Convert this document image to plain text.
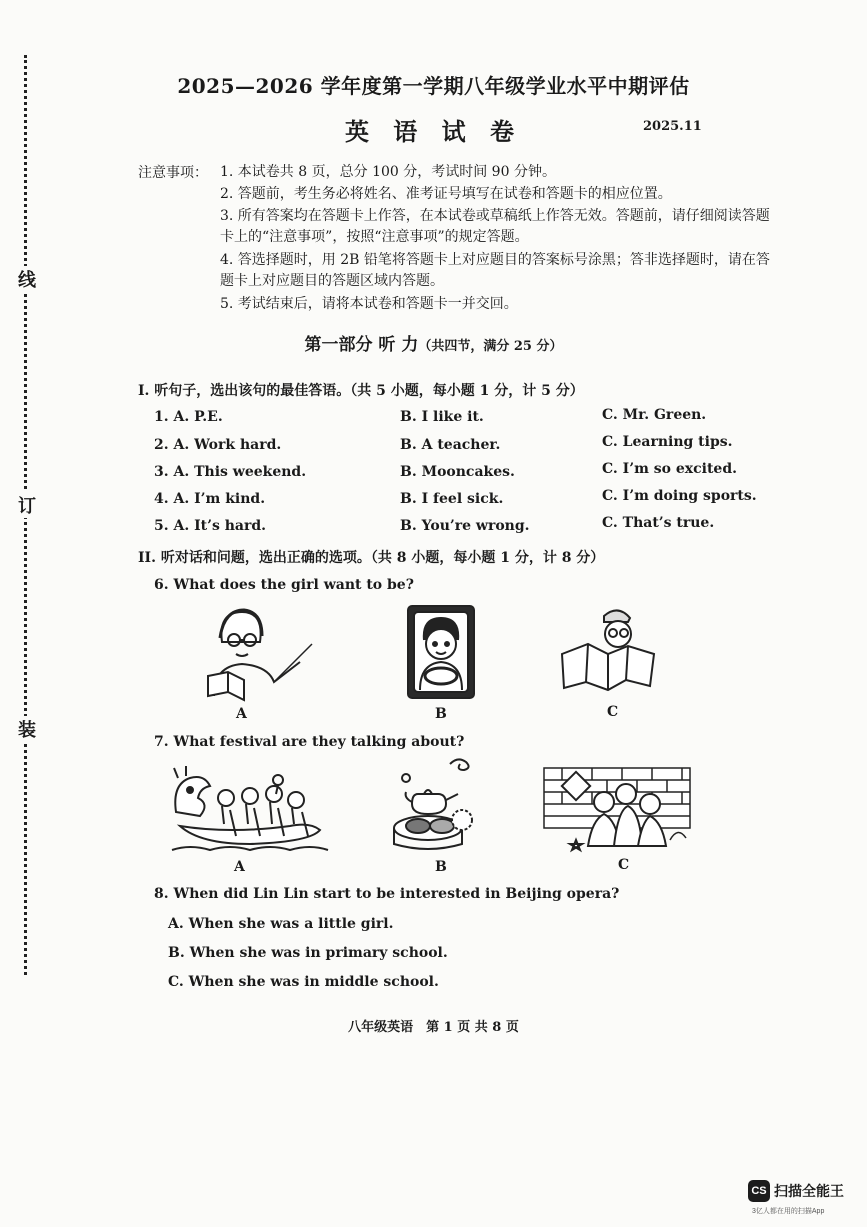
线
订
装
2025—2026 学年度第一学期八年级学业水平中期评估
英 语 试 卷	2025.11
注意事项： 1. 本试卷共 8 页，总分 100 分，考试时间 90 分钟。
2. 答题前，考生务必将姓名、准考证号填写在试卷和答题卡的相应位置。
3. 所有答案均在答题卡上作答，在本试卷或草稿纸上作答无效。答题前，请仔细阅读答题卡上的“注意事项”，按照“注意事项”的规定答题。
4. 答选择题时，用 2B 铅笔将答题卡上对应题目的答案标号涂黑；答非选择题时，请在答题卡上对应题目的答题区域内答题。
5. 考试结束后，请将本试卷和答题卡一并交回。
第一部分 听 力（共四节，满分 25 分）
I. 听句子，选出该句的最佳答语。（共 5 小题，每小题 1 分，计 5 分）
1. A. P.E.	B. I like it.	C. Mr. Green.
2. A. Work hard.	B. A teacher.	C. Learning tips.
3. A. This weekend.	B. Mooncakes.	C. I’m so excited.
4. A. I’m kind.	B. I feel sick.	C. I’m doing sports.
5. A. It’s hard.	B. You’re wrong.	C. That’s true.
II. 听对话和问题，选出正确的选项。（共 8 小题，每小题 1 分，计 8 分）
6. What does the girl want to be?
A	B	C
7. What festival are they talking about?
A	B	C
8. When did Lin Lin start to be interested in Beijing opera?
A. When she was a little girl.
B. When she was in primary school.
C. When she was in middle school.
八年级英语　第 1 页 共 8 页
CS 扫描全能王
3亿人都在用的扫描App
